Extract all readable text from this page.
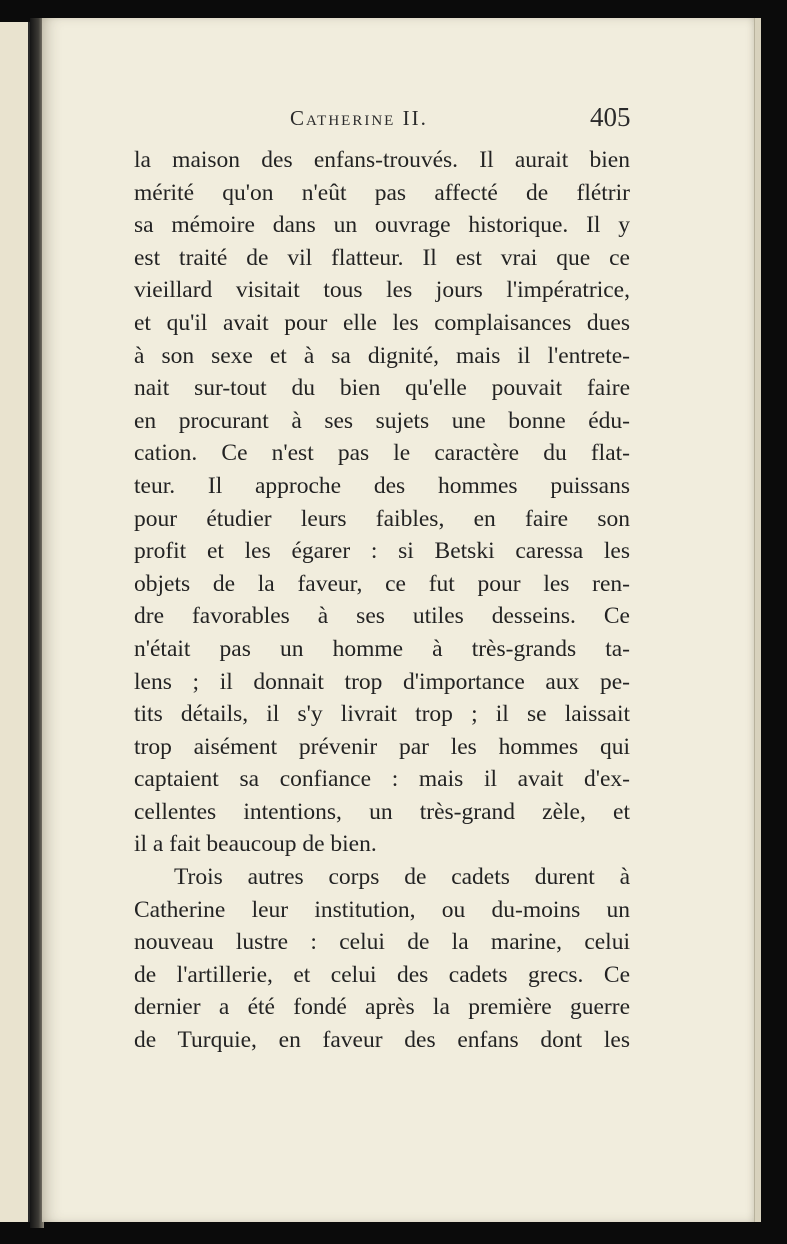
Catherine II.	405
la maison des enfans-trouvés. Il aurait bien
mérité qu'on n'eût pas affecté de flétrir
sa mémoire dans un ouvrage historique. Il y
est traité de vil flatteur. Il est vrai que ce
vieillard visitait tous les jours l'impératrice,
et qu'il avait pour elle les complaisances dues
à son sexe et à sa dignité, mais il l'entrete-
nait sur-tout du bien qu'elle pouvait faire
en procurant à ses sujets une bonne édu-
cation. Ce n'est pas le caractère du flat-
teur. Il approche des hommes puissans
pour étudier leurs faibles, en faire son
profit et les égarer : si Betski caressa les
objets de la faveur, ce fut pour les ren-
dre favorables à ses utiles desseins. Ce
n'était pas un homme à très-grands ta-
lens ; il donnait trop d'importance aux pe-
tits détails, il s'y livrait trop ; il se laissait
trop aisément prévenir par les hommes qui
captaient sa confiance : mais il avait d'ex-
cellentes intentions, un très-grand zèle, et
il a fait beaucoup de bien.
Trois autres corps de cadets durent à
Catherine leur institution, ou du-moins un
nouveau lustre : celui de la marine, celui
de l'artillerie, et celui des cadets grecs. Ce
dernier a été fondé après la première guerre
de Turquie, en faveur des enfans dont les
